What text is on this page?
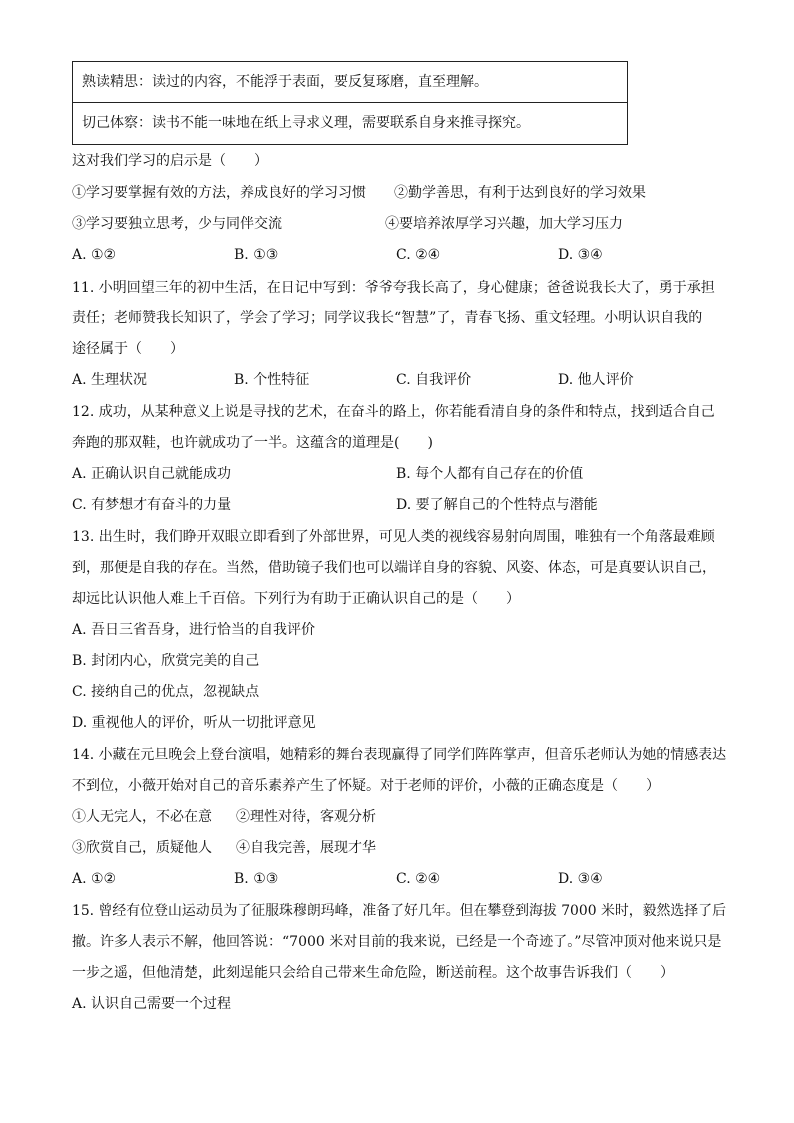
熟读精思：读过的内容，不能浮于表面，要反复琢磨，直至理解。
切己体察：读书不能一味地在纸上寻求义理，需要联系自身来推寻探究。
这对我们学习的启示是（　　）
①学习要掌握有效的方法，养成良好的学习习惯 ②勤学善思，有利于达到良好的学习效果
③学习要独立思考，少与同伴交流	④要培养浓厚学习兴趣，加大学习压力
A. ①②	B. ①③	C. ②④	D. ③④
11. 小明回望三年的初中生活，在日记中写到：爷爷夸我长高了，身心健康；爸爸说我长大了，勇于承担
责任；老师赞我长知识了，学会了学习；同学议我长“智慧”了，青春飞扬、重文轻理。小明认识自我的
途径属于（　　）
A. 生理状况	B. 个性特征	C. 自我评价	D. 他人评价
12. 成功，从某种意义上说是寻找的艺术，在奋斗的路上，你若能看清自身的条件和特点，找到适合自己
奔跑的那双鞋，也许就成功了一半。这蕴含的道理是(　　)
A. 正确认识自己就能成功	B. 每个人都有自己存在的价值
C. 有梦想才有奋斗的力量	D. 要了解自己的个性特点与潜能
13. 出生时，我们睁开双眼立即看到了外部世界，可见人类的视线容易射向周围，唯独有一个角落最难顾
到，那便是自我的存在。当然，借助镜子我们也可以端详自身的容貌、风姿、体态，可是真要认识自己，
却远比认识他人难上千百倍。下列行为有助于正确认识自己的是（　　）
A. 吾日三省吾身，进行恰当的自我评价
B. 封闭内心，欣赏完美的自己
C. 接纳自己的优点，忽视缺点
D. 重视他人的评价，听从一切批评意见
14. 小藏在元旦晚会上登台演唱，她精彩的舞台表现赢得了同学们阵阵掌声，但音乐老师认为她的情感表达
不到位，小薇开始对自己的音乐素养产生了怀疑。对于老师的评价，小薇的正确态度是（　　）
①人无完人，不必在意 ②理性对待，客观分析
③欣赏自己，质疑他人 ④自我完善，展现才华
A. ①②	B. ①③	C. ②④	D. ③④
15. 曾经有位登山运动员为了征服珠穆朗玛峰，准备了好几年。但在攀登到海拔 7000 米时，毅然选择了后
撤。许多人表示不解，他回答说：“7000 米对目前的我来说，已经是一个奇迹了。”尽管冲顶对他来说只是
一步之遥，但他清楚，此刻逞能只会给自己带来生命危险，断送前程。这个故事告诉我们（　　）
A. 认识自己需要一个过程
